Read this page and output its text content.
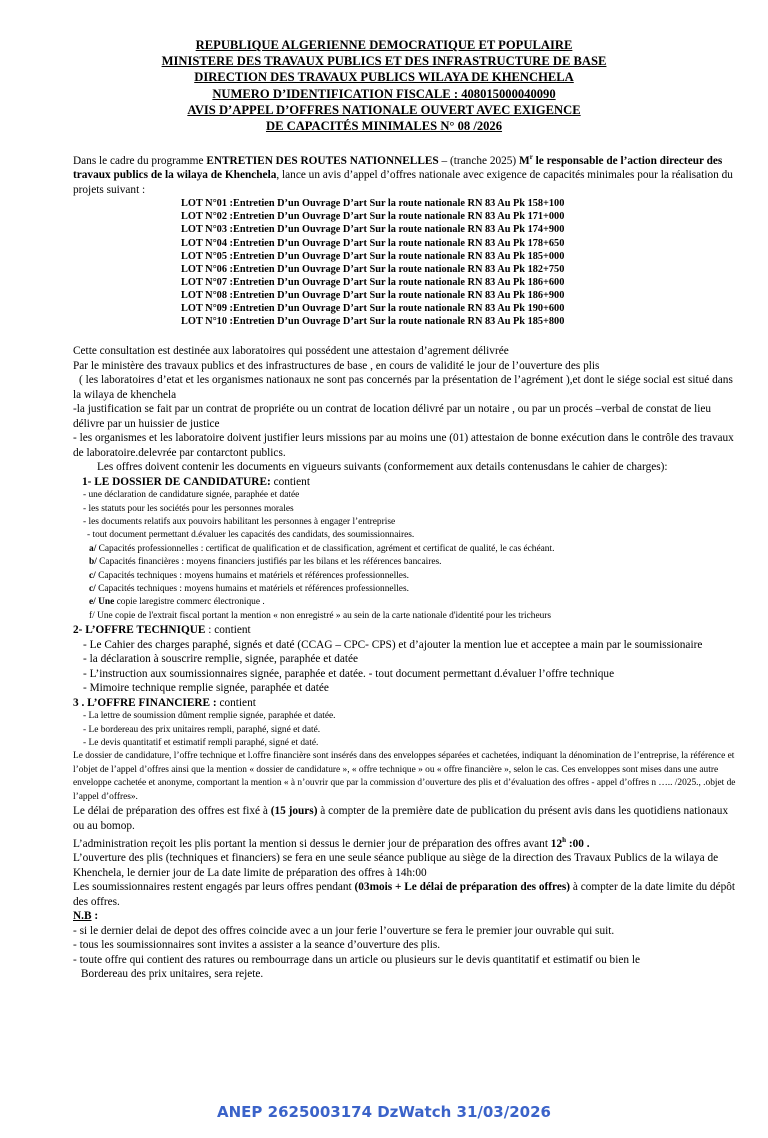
REPUBLIQUE ALGERIENNE DEMOCRATIQUE ET POPULAIRE
MINISTERE DES TRAVAUX PUBLICS ET DES INFRASTRUCTURE DE BASE
DIRECTION DES TRAVAUX PUBLICS WILAYA DE KHENCHELA
NUMERO D’IDENTIFICATION FISCALE : 408015000040090
AVIS D’APPEL D’OFFRES NATIONALE OUVERT AVEC EXIGENCE
DE CAPACITÉS MINIMALES N° 08 /2026

Dans le cadre du programme ENTRETIEN DES ROUTES NATIONNELLES – (tranche 2025) $M^r$ le responsable de l’action directeur des travaux publics de la wilaya de Khenchela, lance un avis d’appel d’offres nationale avec exigence de capacités minimales pour la réalisation du projets suivant :

LOT N°01 :Entretien D’un Ouvrage D’art Sur la route nationale RN 83 Au Pk 158+100
LOT N°02 :Entretien D’un Ouvrage D’art Sur la route nationale RN 83 Au Pk 171+000
LOT N°03 :Entretien D’un Ouvrage D’art Sur la route nationale RN 83 Au Pk 174+900
LOT N°04 :Entretien D’un Ouvrage D’art Sur la route nationale RN 83 Au Pk 178+650
LOT N°05 :Entretien D’un Ouvrage D’art Sur la route nationale RN 83 Au Pk 185+000
LOT N°06 :Entretien D’un Ouvrage D’art Sur la route nationale RN 83 Au Pk 182+750
LOT N°07 :Entretien D’un Ouvrage D’art Sur la route nationale RN 83 Au Pk 186+600
LOT N°08 :Entretien D’un Ouvrage D’art Sur la route nationale RN 83 Au Pk 186+900
LOT N°09 :Entretien D’un Ouvrage D’art Sur la route nationale RN 83 Au Pk 190+600
LOT N°10 :Entretien D’un Ouvrage D’art Sur la route nationale RN 83 Au Pk 185+800

Cette consultation est destinée aux laboratoires qui possédent une attestaion d’agrement délivrée

Par le ministère des travaux publics et des infrastructures de base , en cours de validité le jour de l’ouverture des plis

( les laboratoires d’etat et les organismes nationaux ne sont pas concernés par la présentation de l’agrément ),et dont le siége social est situé dans la wilaya de khenchela

-la justification se fait par un contrat de propriéte ou un contrat de location délivré par un notaire , ou par un procés –verbal de constat de lieu délivre par un huissier de justice

- les organismes et les laboratoire doivent justifier leurs missions par au moins une (01) attestaion de bonne exécution dans le contrôle des travaux de laboratoire.delevrée par contarctont publics.

Les offres doivent contenir les documents en vigueurs suivants (conformement aux details contenusdans le cahier de charges):

1- LE DOSSIER DE CANDIDATURE: contient

- une déclaration de candidature signée, paraphée et datée
- les statuts pour les sociétés pour les personnes morales
- les documents relatifs aux pouvoirs habilitant les personnes à engager l’entreprise
- tout document permettant d.évaluer les capacités des candidats, des soumissionnaires.
a/ Capacités professionnelles : certificat de qualification et de classification, agrément et certificat de qualité, le cas échéant.
b/ Capacités financières : moyens financiers justifiés par les bilans et les références bancaires.
c/ Capacités techniques : moyens humains et matériels et références professionnelles.
c/ Capacités techniques : moyens humains et matériels et références professionnelles.
e/ Une copie laregistre commerc électronique .
f/ Une copie de l'extrait fiscal portant la mention « non enregistré » au sein de la carte nationale d'identité pour les tricheurs

2- L’OFFRE TECHNIQUE : contient

- Le Cahier des charges paraphé, signés et daté (CCAG – CPC- CPS) et d’ajouter la mention lue et acceptee a main par le soumissionaire
- la déclaration à souscrire remplie, signée, paraphée et datée
- L’instruction aux soumissionnaires signée, paraphée et datée. - tout document permettant d.évaluer l’offre technique
- Mimoire technique remplie signée, paraphée et datée

3 . L’OFFRE FINANCIERE : contient

- La lettre de soumission dûment remplie signée, paraphée et datée.
- Le bordereau des prix unitaires rempli, paraphé, signé et daté.
- Le devis quantitatif et estimatif rempli paraphé, signé et daté.

Le dossier de candidature, l’offre technique et l.offre financière sont insérés dans des enveloppes séparées et cachetées, indiquant la dénomination de l’entreprise, la référence et l’objet de l’appel d’offres ainsi que la mention « dossier de candidature », « offre technique » ou « offre financière », selon le cas. Ces enveloppes sont mises dans une autre enveloppe cachetée et anonyme, comportant la mention « à n’ouvrir que par la commission d’ouverture des plis et d’évaluation des offres - appel d’offres n ….. /2025., .objet de l’appel d’offres».

Le délai de préparation des offres est fixé à (15 jours) à compter de la première date de publication du présent avis dans les quotidiens nationaux ou au bomop.

L’administration reçoit les plis portant la mention si dessus le dernier jour de préparation des offres avant 12$^h$ :00 .

L’ouverture des plis (techniques et financiers) se fera en une seule séance publique au siège de la direction des Travaux Publics de la wilaya de Khenchela, le dernier jour de La date limite de préparation des offres à 14h:00

Les soumissionnaires restent engagés par leurs offres pendant (03mois + Le délai de préparation des offres) à compter de la date limite du dépôt des offres.

N.B :

- si le dernier delai de depot des offres coincide avec a un jour ferie l’ouverture se fera le premier jour ouvrable qui suit.
- tous les soumissionnaires sont invites a assister a la seance d’ouverture des plis.
- toute offre qui contient des ratures ou rembourrage dans un article ou plusieurs sur le devis quantitatif et estimatif ou bien le
Bordereau des prix unitaires, sera rejete.
ANEP 2625003174 DzWatch 31/03/2026
